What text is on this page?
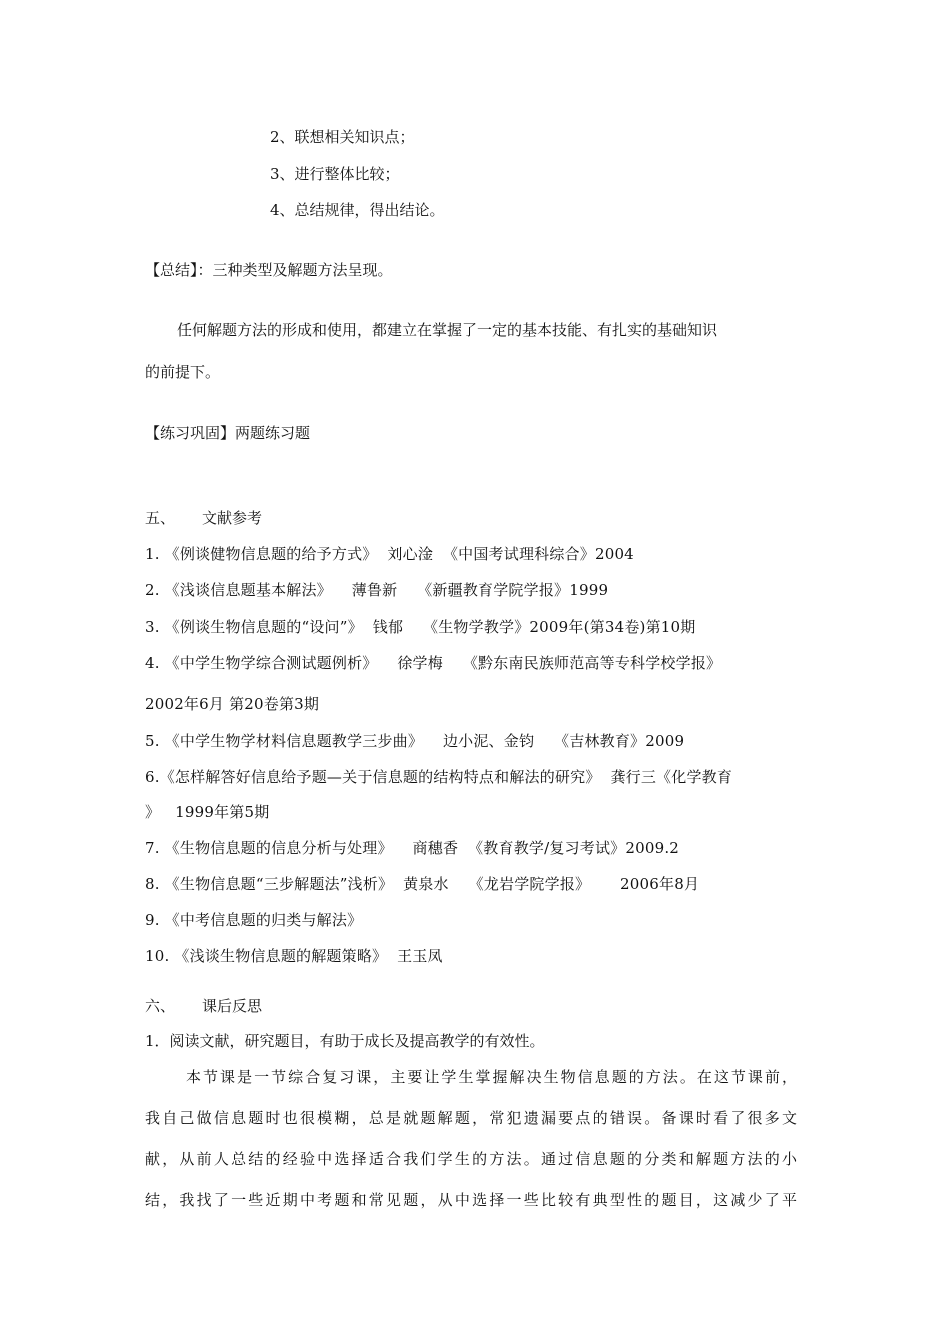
2、联想相关知识点；
3、进行整体比较；
4、总结规律，得出结论。
【总结】：三种类型及解题方法呈现。
任何解题方法的形成和使用，都建立在掌握了一定的基本技能、有扎实的基础知识
的前提下。
【练习巩固】两题练习题
五、 文献参考
1. 《例谈健物信息题的给予方式》  刘心淦  《中国考试理科综合》2004
2. 《浅谈信息题基本解法》    薄鲁新    《新疆教育学院学报》1999
3. 《例谈生物信息题的“设问”》  钱郁    《生物学教学》2009年(第34卷)第10期
4. 《中学生物学综合测试题例析》    徐学梅    《黔东南民族师范高等专科学校学报》
2002年6月 第20卷第3期
5. 《中学生物学材料信息题教学三步曲》    边小泥、金钧    《吉林教育》2009
6.《怎样解答好信息给予题—关于信息题的结构特点和解法的研究》  龚行三《化学教育
》   1999年第5期
7. 《生物信息题的信息分析与处理》    商穗香  《教育教学/复习考试》2009.2
8. 《生物信息题“三步解题法”浅析》  黄泉水    《龙岩学院学报》      2006年8月
9. 《中考信息题的归类与解法》
10. 《浅谈生物信息题的解题策略》  王玉凤
六、 课后反思
1．阅读文献，研究题目，有助于成长及提高教学的有效性。
本节课是一节综合复习课，主要让学生掌握解决生物信息题的方法。在这节课前，
我自己做信息题时也很模糊，总是就题解题，常犯遗漏要点的错误。备课时看了很多文
献，从前人总结的经验中选择适合我们学生的方法。通过信息题的分类和解题方法的小
结，我找了一些近期中考题和常见题，从中选择一些比较有典型性的题目，这减少了平
